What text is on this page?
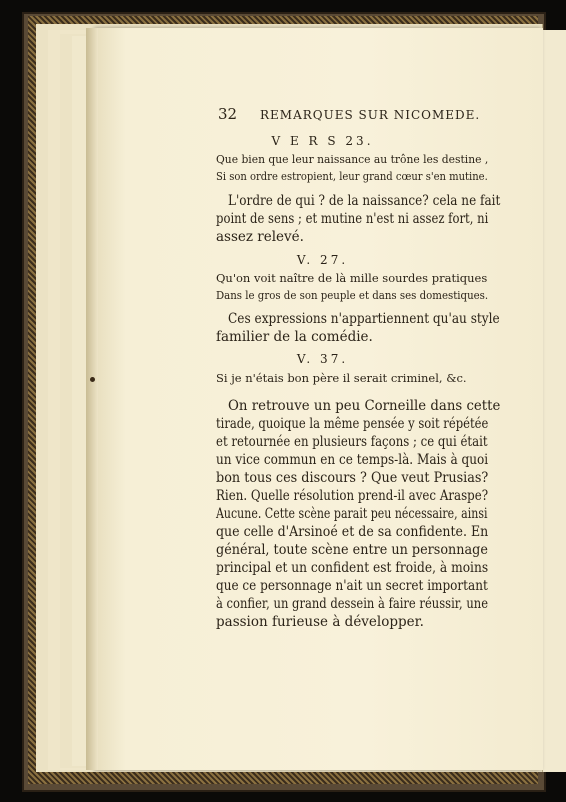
32 REMARQUES SUR NICOMEDE.
V E R S 23.
Que bien que leur naissance au trône les destine ,
Si son ordre estropient, leur grand cœur s'en mutine.
L'ordre de qui ? de la naissance? cela ne fait
point de sens ; et mutine n'est ni assez fort, ni
assez relevé.
V. 27.
Qu'on voit naître de là mille sourdes pratiques
Dans le gros de son peuple et dans ses domestiques.
Ces expressions n'appartiennent qu'au style
familier de la comédie.
V. 37.
Si je n'étais bon père il serait criminel, &c.
On retrouve un peu Corneille dans cette
tirade, quoique la même pensée y soit répétée
et retournée en plusieurs façons ; ce qui était
un vice commun en ce temps-là. Mais à quoi
bon tous ces discours ? Que veut Prusias?
Rien. Quelle résolution prend-il avec Araspe?
Aucune. Cette scène parait peu nécessaire, ainsi
que celle d'Arsinoé et de sa confidente. En
général, toute scène entre un personnage
principal et un confident est froide, à moins
que ce personnage n'ait un secret important
à confier, un grand dessein à faire réussir, une
passion furieuse à développer.
